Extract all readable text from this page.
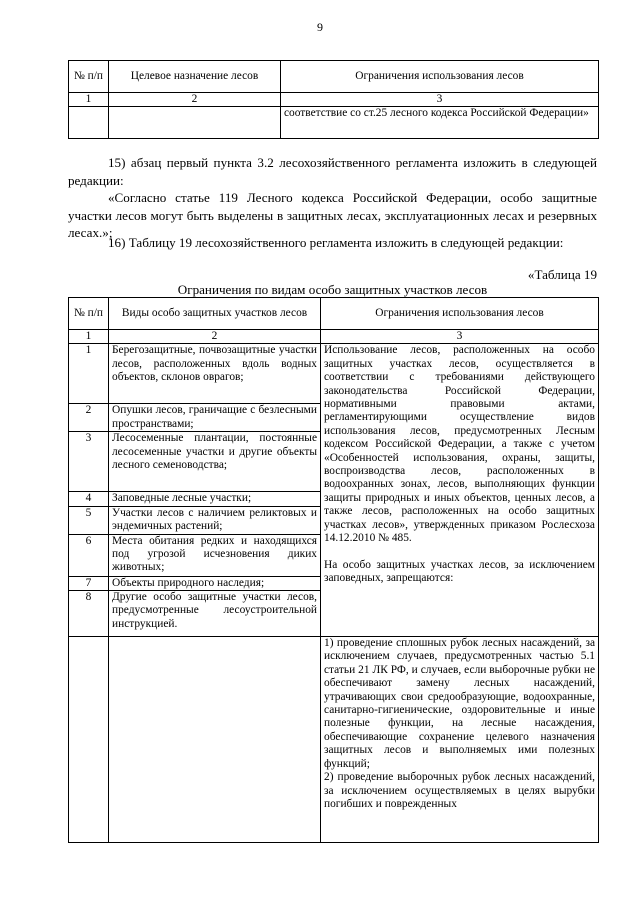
9
№ п/п	Целевое назначение лесов	Ограничения использования лесов
1	2	3
		соответствие со ст.25 лесного кодекса Российской Федерации»
15) абзац первый пункта 3.2 лесохозяйственного регламента изложить в следующей редакции:
«Согласно статье 119 Лесного кодекса Российской Федерации, особо защитные участки лесов могут быть выделены в защитных лесах, эксплуатационных лесах и резервных лесах.»;
16) Таблицу 19 лесохозяйственного регламента изложить в следующей редакции:
«Таблица 19
Ограничения по видам особо защитных участков лесов
№ п/п	Виды особо защитных участков лесов	Ограничения использования лесов
1	2	3
1	Берегозащитные, почвозащитные участки лесов, расположенных вдоль водных объектов, склонов оврагов;	Использование лесов, расположенных на особо защитных участках лесов, осуществляется в соответствии с требованиями действующего законодательства Российской Федерации, нормативными правовыми актами, регламентирующими осуществление видов использования лесов, предусмотренных Лесным кодексом Российской Федерации, а также с учетом «Особенностей использования, охраны, защиты, воспроизводства лесов, расположенных в водоохранных зонах, лесов, выполняющих функции защиты природных и иных объектов, ценных лесов, а также лесов, расположенных на особо защитных участках лесов», утвержденных приказом Рослесхоза 14.12.2010 № 485.
На особо защитных участках лесов, за исключением заповедных, запрещаются:

2	Опушки лесов, граничащие с безлесными пространствами;	
3	Лесосеменные плантации, постоянные лесосеменные участки и другие объекты лесного семеноводства;	
4	Заповедные лесные участки;	
5	Участки лесов с наличием реликтовых и эндемичных растений;	
6	Места обитания редких и находящихся под угрозой исчезновения диких животных;	
7	Объекты природного наследия;	
8	Другие особо защитные участки лесов, предусмотренные лесоустроительной инструкцией.	

		1) проведение сплошных рубок лесных насаждений, за исключением случаев, предусмотренных частью 5.1 статьи 21 ЛК РФ, и случаев, если выборочные рубки не обеспечивают замену лесных насаждений, утрачивающих свои средообразующие, водоохранные, санитарно-гигиенические, оздоровительные и иные полезные функции, на лесные насаждения, обеспечивающие сохранение целевого назначения защитных лесов и выполняемых ими полезных функций;
2) проведение выборочных рубок лесных насаждений, за исключением осуществляемых в целях вырубки погибших и поврежденных
